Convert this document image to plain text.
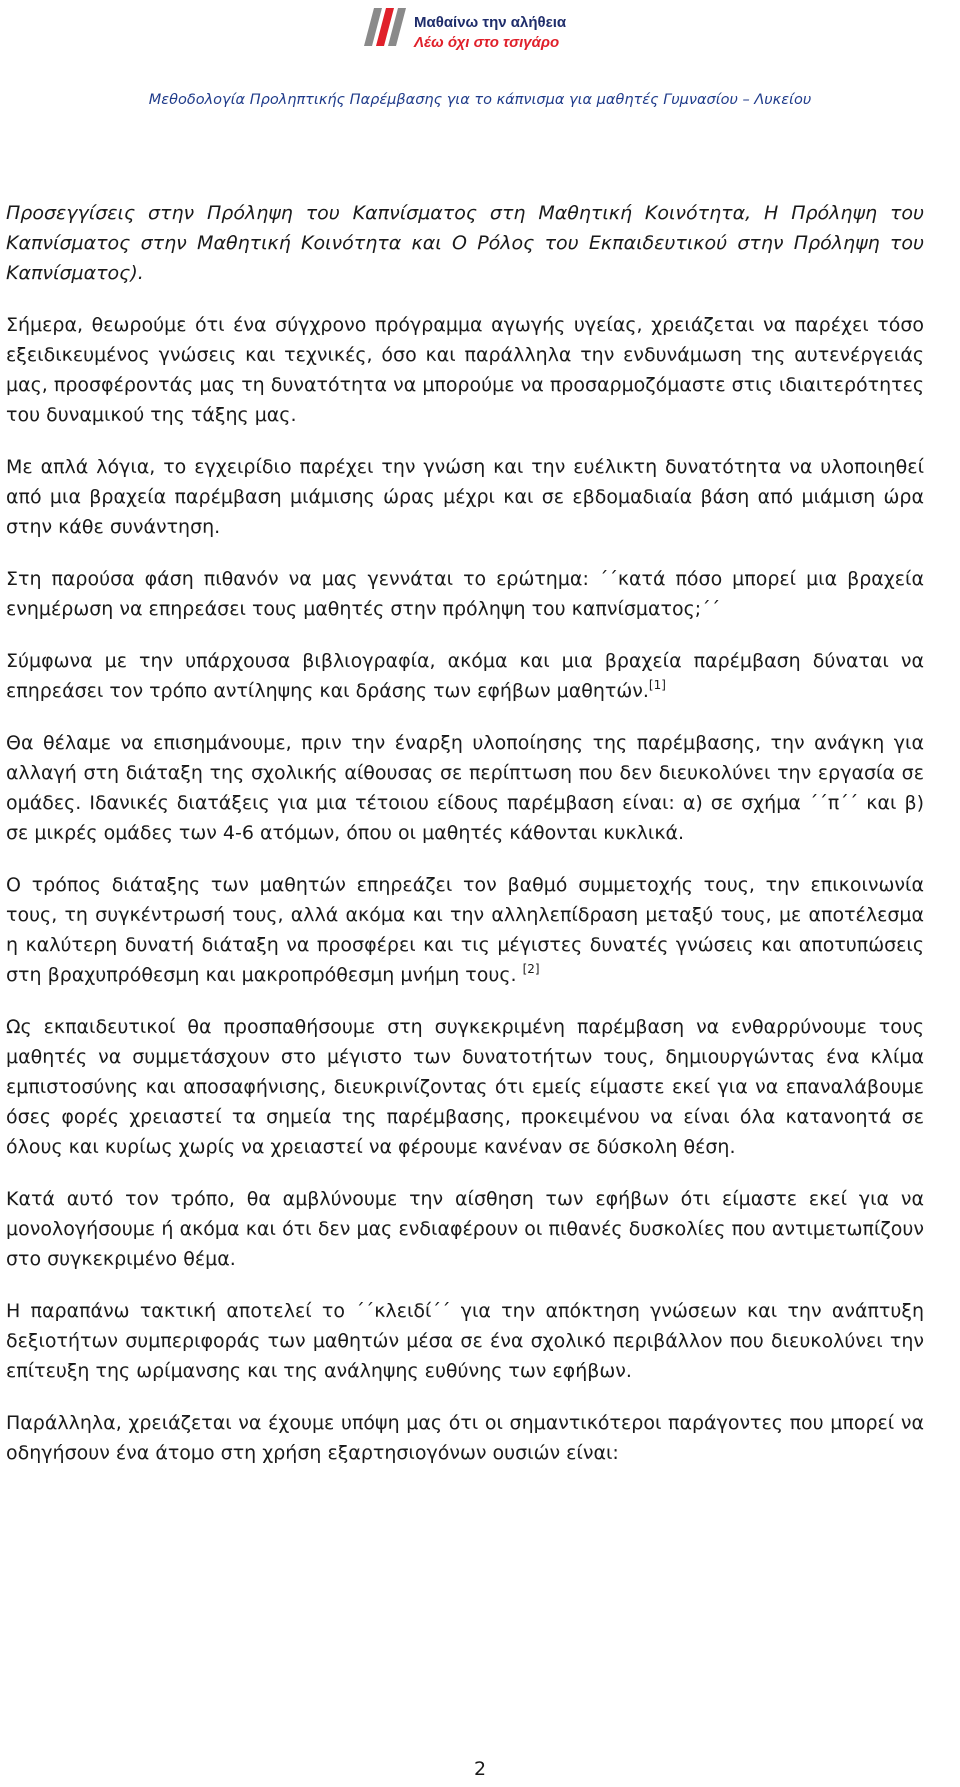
Μαθαίνω την αλήθεια
Λέω όχι στο τσιγάρο
Μεθοδολογία Προληπτικής Παρέμβασης για το κάπνισμα για μαθητές Γυμνασίου – Λυκείου

Προσεγγίσεις στην Πρόληψη του Καπνίσματος στη Μαθητική Κοινότητα, Η Πρόληψη του Καπνίσματος στην Μαθητική Κοινότητα και Ο Ρόλος του Εκπαιδευτικού στην Πρόληψη του Καπνίσματος).

Σήμερα, θεωρούμε ότι ένα σύγχρονο πρόγραμμα αγωγής υγείας, χρειάζεται να παρέχει τόσο εξειδικευμένος γνώσεις και τεχνικές, όσο και παράλληλα την ενδυνάμωση της αυτενέργειάς μας, προσφέροντάς μας τη δυνατότητα να μπορούμε να προσαρμοζόμαστε στις ιδιαιτερότητες του δυναμικού της τάξης μας.

Με απλά λόγια, το εγχειρίδιο παρέχει την γνώση και την ευέλικτη δυνατότητα να υλοποιηθεί από μια βραχεία παρέμβαση μιάμισης ώρας μέχρι και σε εβδομαδιαία βάση από μιάμιση ώρα στην κάθε συνάντηση.

Στη παρούσα φάση πιθανόν να μας γεννάται το ερώτημα: ΄΄κατά πόσο μπορεί μια βραχεία ενημέρωση να επηρεάσει τους μαθητές στην πρόληψη του καπνίσματος;΄΄

Σύμφωνα με την υπάρχουσα βιβλιογραφία, ακόμα και μια βραχεία παρέμβαση δύναται να επηρεάσει τον τρόπο αντίληψης και δράσης των εφήβων μαθητών.[1]

Θα θέλαμε να επισημάνουμε, πριν την έναρξη υλοποίησης της παρέμβασης, την ανάγκη για αλλαγή στη διάταξη της σχολικής αίθουσας σε περίπτωση που δεν διευκολύνει την εργασία σε ομάδες. Ιδανικές διατάξεις για μια τέτοιου είδους παρέμβαση είναι: α) σε σχήμα ΄΄π΄΄ και β) σε μικρές ομάδες των 4-6 ατόμων, όπου οι μαθητές κάθονται κυκλικά.

Ο τρόπος διάταξης των μαθητών επηρεάζει τον βαθμό συμμετοχής τους, την επικοινωνία τους, τη συγκέντρωσή τους, αλλά ακόμα και την αλληλεπίδραση μεταξύ τους, με αποτέλεσμα η καλύτερη δυνατή διάταξη να προσφέρει και τις μέγιστες δυνατές γνώσεις και αποτυπώσεις στη βραχυπρόθεσμη και μακροπρόθεσμη μνήμη τους. [2]

Ως εκπαιδευτικοί θα προσπαθήσουμε στη συγκεκριμένη παρέμβαση να ενθαρρύνουμε τους μαθητές να συμμετάσχουν στο μέγιστο των δυνατοτήτων τους, δημιουργώντας ένα κλίμα εμπιστοσύνης και αποσαφήνισης, διευκρινίζοντας ότι εμείς είμαστε εκεί για να επαναλάβουμε όσες φορές χρειαστεί τα σημεία της παρέμβασης, προκειμένου να είναι όλα κατανοητά σε όλους και κυρίως χωρίς να χρειαστεί να φέρουμε κανέναν σε δύσκολη θέση.

Κατά αυτό τον τρόπο, θα αμβλύνουμε την αίσθηση των εφήβων ότι είμαστε εκεί για να μονολογήσουμε ή ακόμα και ότι δεν μας ενδιαφέρουν οι πιθανές δυσκολίες που αντιμετωπίζουν στο συγκεκριμένο θέμα.

Η παραπάνω τακτική αποτελεί το ΄΄κλειδί΄΄ για την απόκτηση γνώσεων και την ανάπτυξη δεξιοτήτων συμπεριφοράς των μαθητών μέσα σε ένα σχολικό περιβάλλον που διευκολύνει την επίτευξη της ωρίμανσης και της ανάληψης ευθύνης των εφήβων.

Παράλληλα, χρειάζεται να έχουμε υπόψη μας ότι οι σημαντικότεροι παράγοντες που μπορεί να οδηγήσουν ένα άτομο στη χρήση εξαρτησιογόνων ουσιών είναι:

2
